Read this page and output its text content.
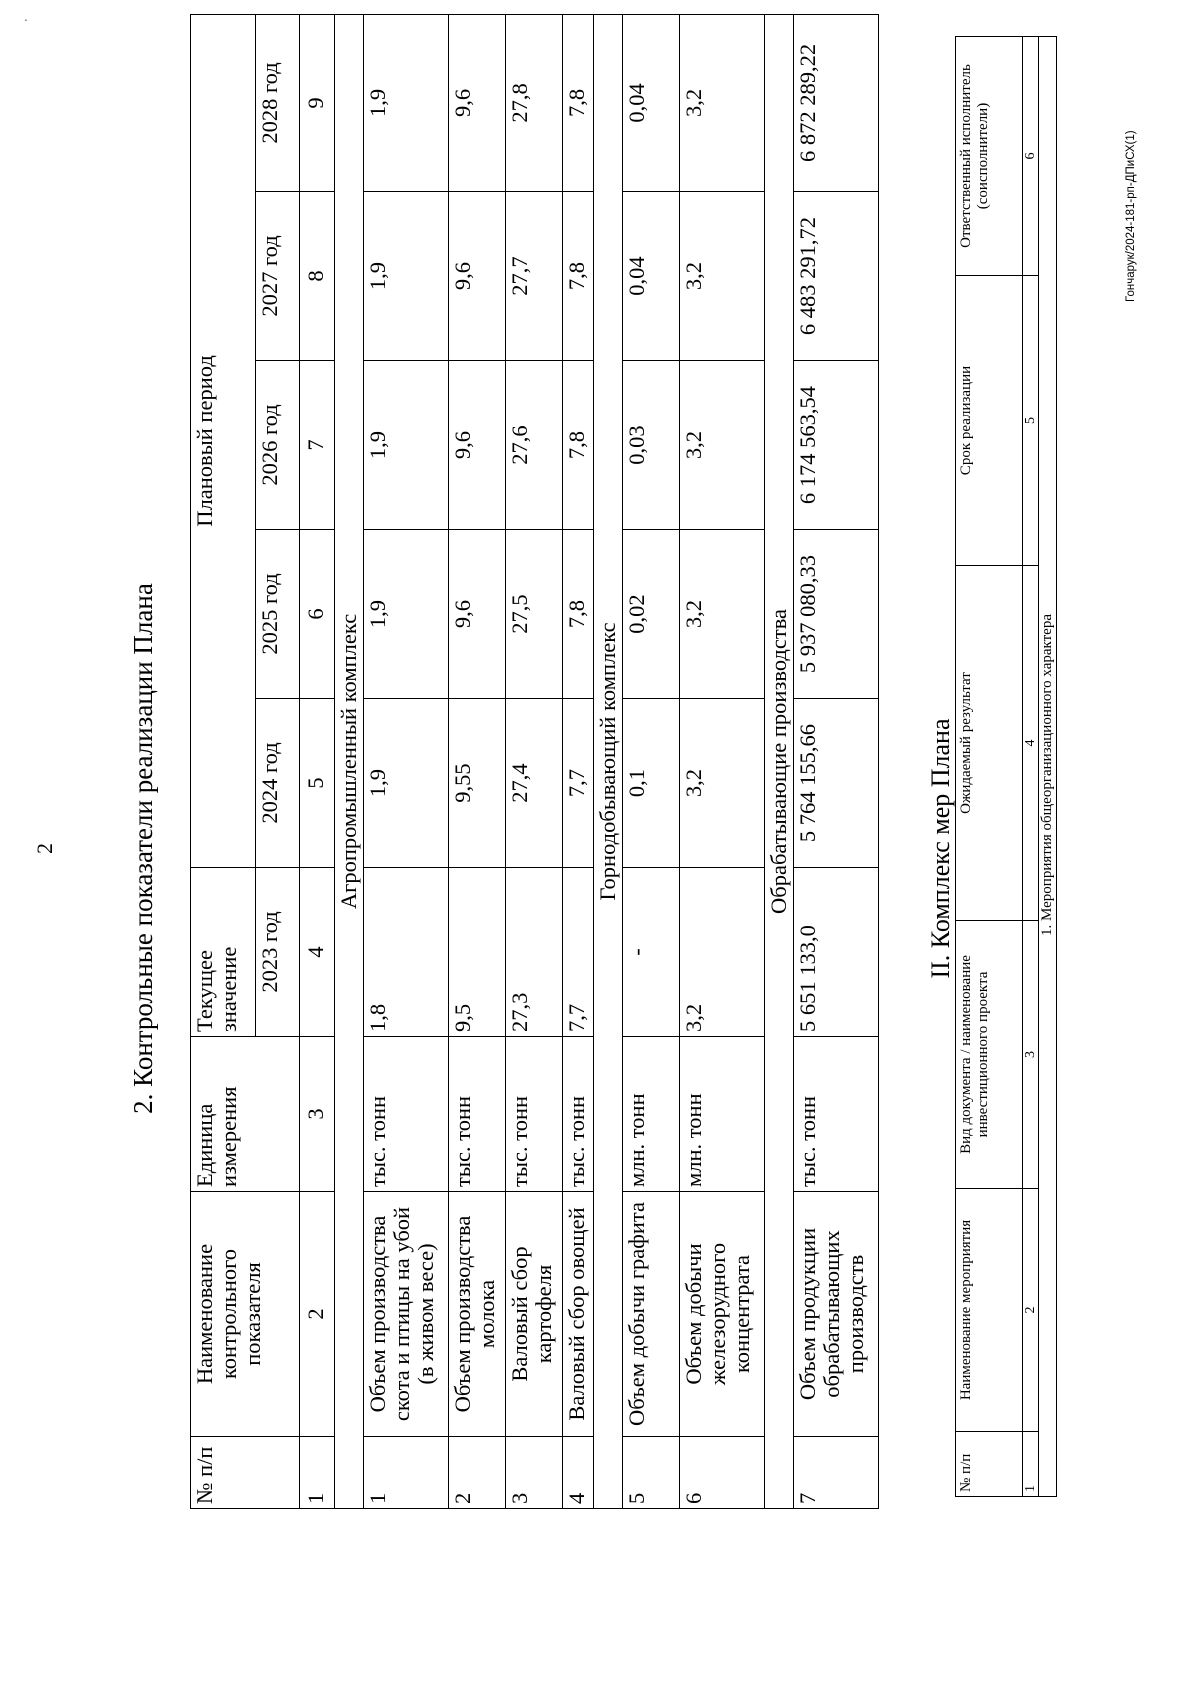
·
2	2. Контрольные показатели реализации Плана
№ п/п	Наименование контрольного показателя	Единица измерения	Текущее значение	Плановый период				
			2023 год	2024 год	2025 год	2026 год	2027 год	2028 год
1	2	3	4	5	6	7	8	9
Агропромышленный комплекс								
1	Объем производства скота и птицы на убой (в живом весе)	тыс. тонн	1,8	1,9	1,9	1,9	1,9	1,9
2	Объем производства молока	тыс. тонн	9,5	9,55	9,6	9,6	9,6	9,6
3	Валовый сбор картофеля	тыс. тонн	27,3	27,4	27,5	27,6	27,7	27,8
4	Валовый сбор овощей	тыс. тонн	7,7	7,7	7,8	7,8	7,8	7,8
Горнодобывающий комплекс								
5	Объем добычи графита	млн. тонн	-	0,1	0,02	0,03	0,04	0,04
6	Объем добычи железорудного концентрата	млн. тонн	3,2	3,2	3,2	3,2	3,2	3,2
Обрабатывающие производства								
7	Объем продукции обрабатывающих производств	тыс. тонн	5 651 133,0	5 764 155,66	5 937 080,33	6 174 563,54	6 483 291,72	6 872 289,22
II. Комплекс мер Плана
№ п/п	Наименование мероприятия	Вид документа / наименование инвестиционного проекта	Ожидаемый результат	Срок реализации	Ответственный исполнитель (соисполнители)
1	2	3	4	5	6
1. Мероприятия общеорганизационного характера					
Гончарук/2024-181-рп-ДПиСХ(1)
